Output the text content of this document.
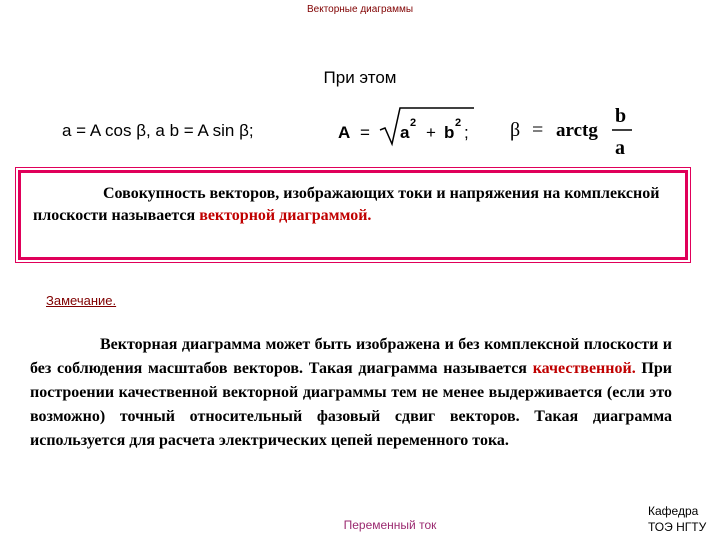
Векторные диаграммы
При этом
a = A cos β, a b = A sin β;	A = a 2 + b 2 ; β = arctg
b
a
Совокупность векторов, изображающих токи и напряжения на комплексной плоскости называется векторной диаграммой.
Замечание.
Векторная диаграмма может быть изображена и без комплексной плоскости и без соблюдения масштабов векторов. Такая диаграмма называется качественной. При построении качественной векторной диаграммы тем не менее выдерживается (если это возможно) точный относительный фазовый сдвиг векторов. Такая диаграмма используется для расчета электрических цепей переменного тока.
Переменный ток
Кафедра
ТОЭ НГТУ
